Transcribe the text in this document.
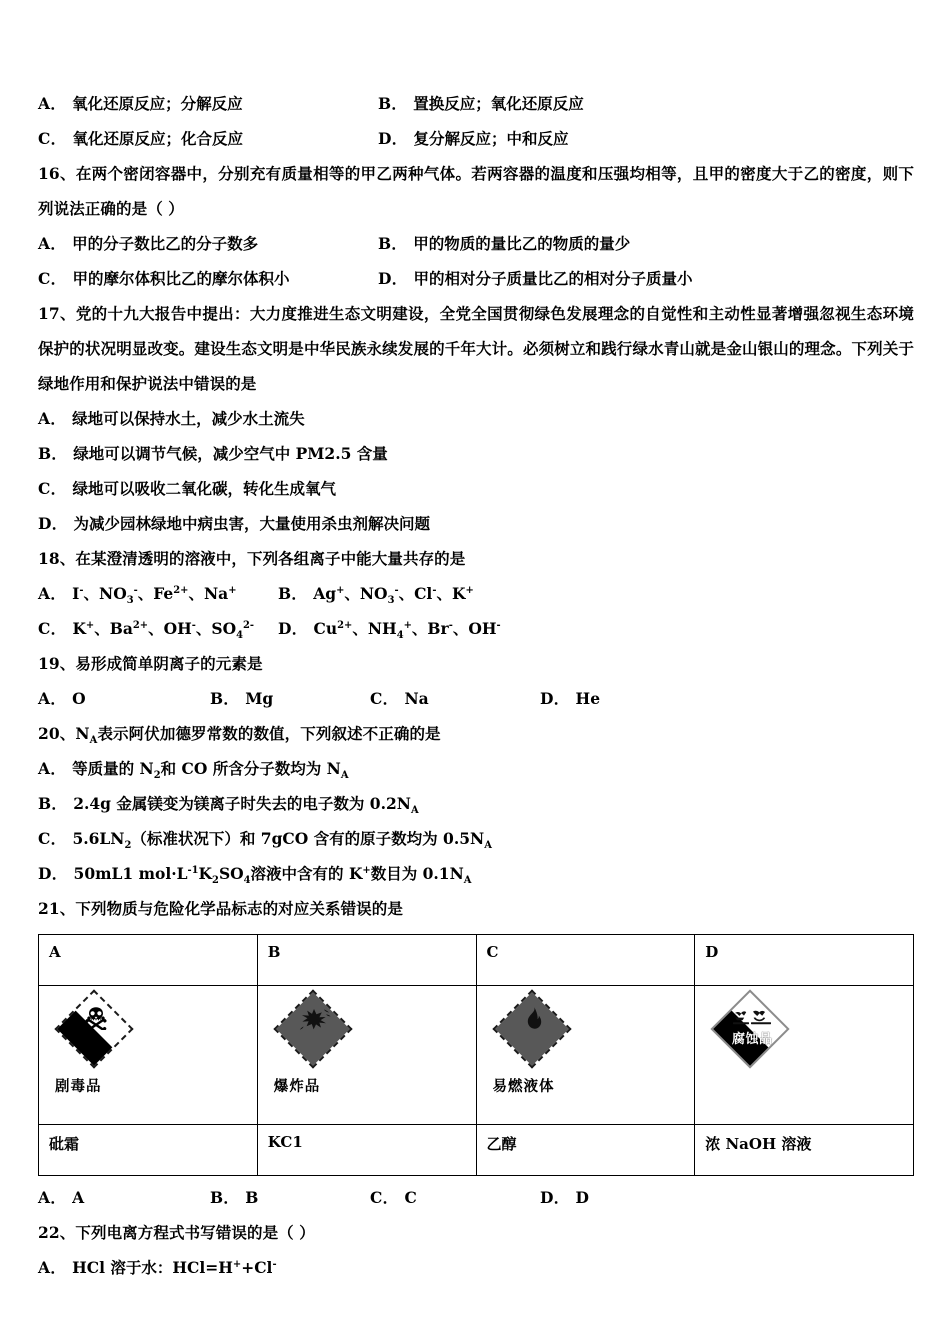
A． 氧化还原反应；分解反应	B． 置换反应；氧化还原反应
C． 氧化还原反应；化合反应	D． 复分解反应；中和反应

16、在两个密闭容器中，分别充有质量相等的甲乙两种气体。若两容器的温度和压强均相等，且甲的密度大于乙的密度，则下列说法正确的是（ ）

A． 甲的分子数比乙的分子数多	B． 甲的物质的量比乙的物质的量少
C． 甲的摩尔体积比乙的摩尔体积小	D． 甲的相对分子质量比乙的相对分子质量小

17、党的十九大报告中提出：大力度推进生态文明建设，全党全国贯彻绿色发展理念的自觉性和主动性显著增强忽视生态环境保护的状况明显改变。建设生态文明是中华民族永续发展的千年大计。必须树立和践行绿水青山就是金山银山的理念。下列关于绿地作用和保护说法中错误的是

A． 绿地可以保持水土，减少水土流失

B． 绿地可以调节气候，减少空气中 PM2.5 含量

C． 绿地可以吸收二氧化碳，转化生成氧气

D． 为减少园林绿地中病虫害，大量使用杀虫剂解决问题

18、在某澄清透明的溶液中，下列各组离子中能大量共存的是

A． I-、$NO_3^-$、$Fe^{2+}$、Na+	B． Ag+、$NO_3^-$、Cl-、K+
C． K+、$Ba^{2+}$、OH-、$SO_4^{2-}$	D． $Cu^{2+}$、$NH_4^+$、Br-、OH-

19、易形成简单阴离子的元素是

A． O	B． Mg	C． Na	D． He

20、$N_A$表示阿伏加德罗常数的数值，下列叙述不正确的是

A． 等质量的 $N_2$和 CO 所含分子数均为 $N_A$

B． 2.4g 金属镁变为镁离子时失去的电子数为 $0.2N_A$

C． $5.6LN_2$（标准状况下）和 7gCO 含有的原子数均为 $0.5N_A$

D． 50mL1 $mol\cdot L^{-1}K_2SO_4$溶液中含有的 K+数目为 $0.1N_A$

21、下列物质与危险化学品标志的对应关系错误的是

A	B	C	D

剧毒品	爆炸品	易燃液体	腐蚀品

砒霜	KC1	乙醇	浓 NaOH 溶液
A． A	B． B	C． C	D． D

22、下列电离方程式书写错误的是（ ）

A． HCl 溶于水：HCl=H++Cl-
